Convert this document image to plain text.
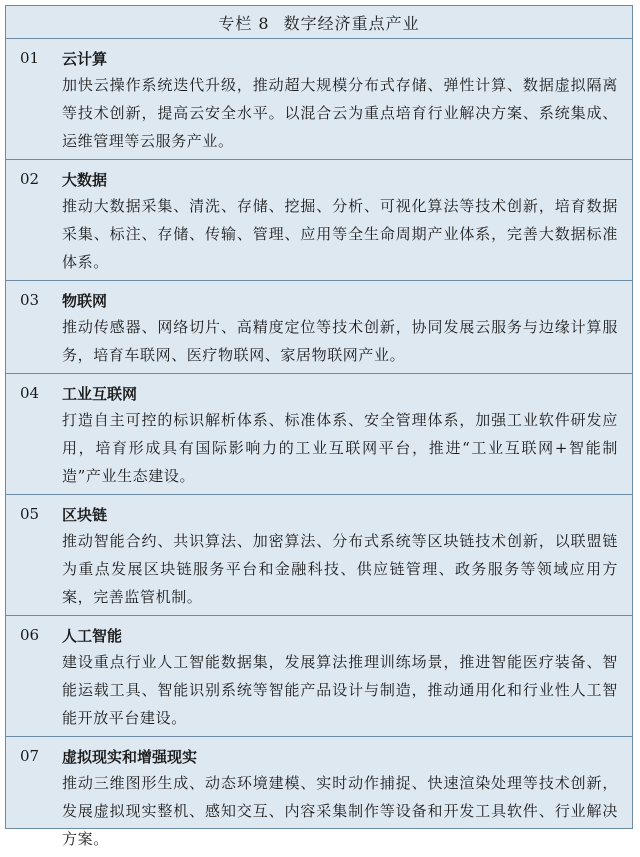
专栏 8 数字经济重点产业
01	云计算
加快云操作系统迭代升级，推动超大规模分布式存储、弹性计算、数据虚拟隔离等技术创新，提高云安全水平。以混合云为重点培育行业解决方案、系统集成、运维管理等云服务产业。
02	大数据
推动大数据采集、清洗、存储、挖掘、分析、可视化算法等技术创新，培育数据采集、标注、存储、传输、管理、应用等全生命周期产业体系，完善大数据标准体系。
03	物联网
推动传感器、网络切片、高精度定位等技术创新，协同发展云服务与边缘计算服务，培育车联网、医疗物联网、家居物联网产业。
04	工业互联网
打造自主可控的标识解析体系、标准体系、安全管理体系，加强工业软件研发应用，培育形成具有国际影响力的工业互联网平台，推进“工业互联网+智能制造”产业生态建设。
05	区块链
推动智能合约、共识算法、加密算法、分布式系统等区块链技术创新，以联盟链为重点发展区块链服务平台和金融科技、供应链管理、政务服务等领域应用方案，完善监管机制。
06	人工智能
建设重点行业人工智能数据集，发展算法推理训练场景，推进智能医疗装备、智能运载工具、智能识别系统等智能产品设计与制造，推动通用化和行业性人工智能开放平台建设。
07	虚拟现实和增强现实
推动三维图形生成、动态环境建模、实时动作捕捉、快速渲染处理等技术创新，发展虚拟现实整机、感知交互、内容采集制作等设备和开发工具软件、行业解决方案。
